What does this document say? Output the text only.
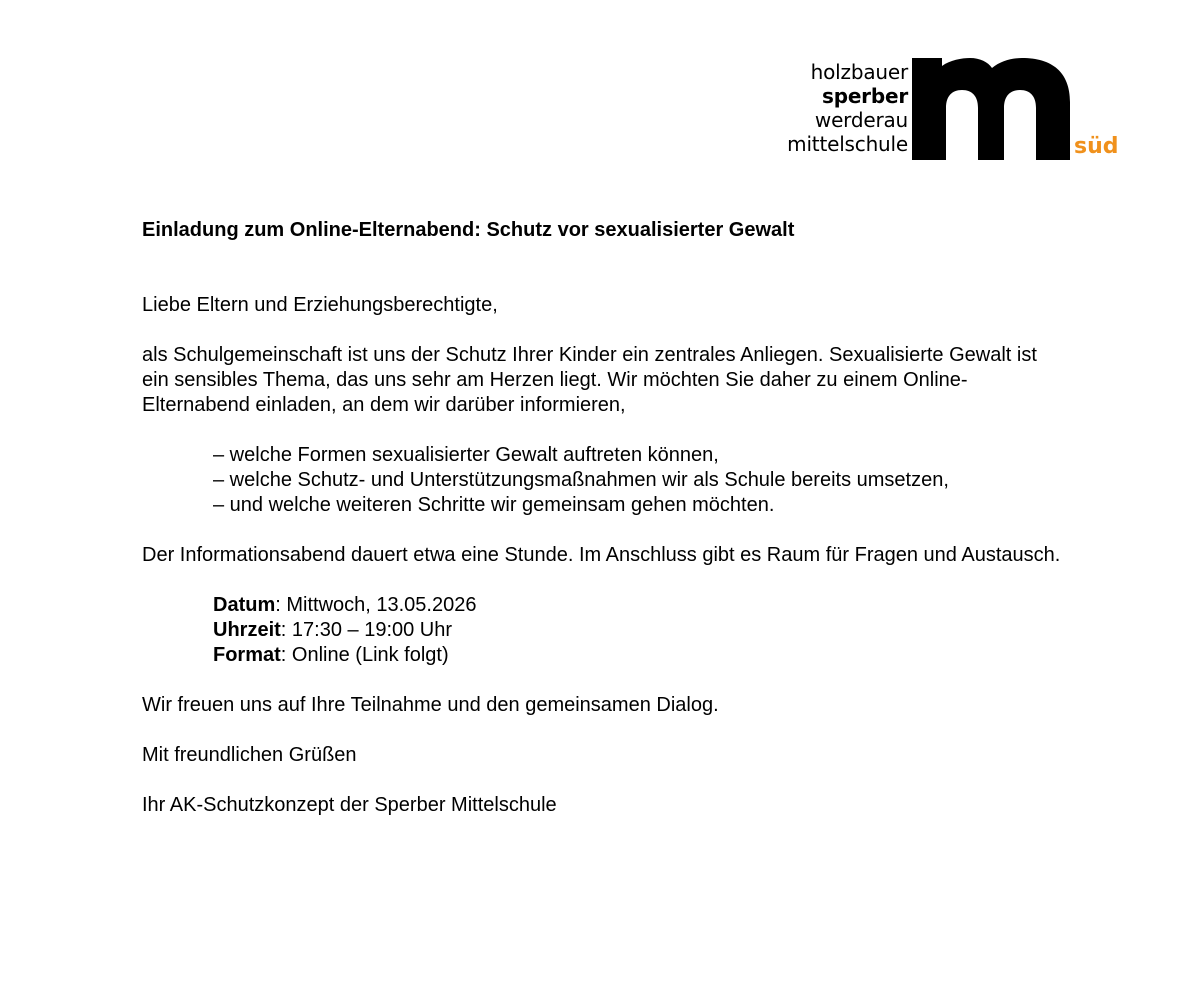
holzbauer
sperber
werderau
mittelschule	süd
Einladung zum Online-Elternabend: Schutz vor sexualisierter Gewalt
Liebe Eltern und Erziehungsberechtigte,
als Schulgemeinschaft ist uns der Schutz Ihrer Kinder ein zentrales Anliegen. Sexualisierte Gewalt ist ein sensibles Thema, das uns sehr am Herzen liegt. Wir möchten Sie daher zu einem Online-Elternabend einladen, an dem wir darüber informieren,
– welche Formen sexualisierter Gewalt auftreten können,
– welche Schutz- und Unterstützungsmaßnahmen wir als Schule bereits umsetzen,
– und welche weiteren Schritte wir gemeinsam gehen möchten.
Der Informationsabend dauert etwa eine Stunde. Im Anschluss gibt es Raum für Fragen und Austausch.
Datum: Mittwoch, 13.05.2026
Uhrzeit: 17:30 – 19:00 Uhr
Format: Online (Link folgt)
Wir freuen uns auf Ihre Teilnahme und den gemeinsamen Dialog.
Mit freundlichen Grüßen
Ihr AK-Schutzkonzept der Sperber Mittelschule
